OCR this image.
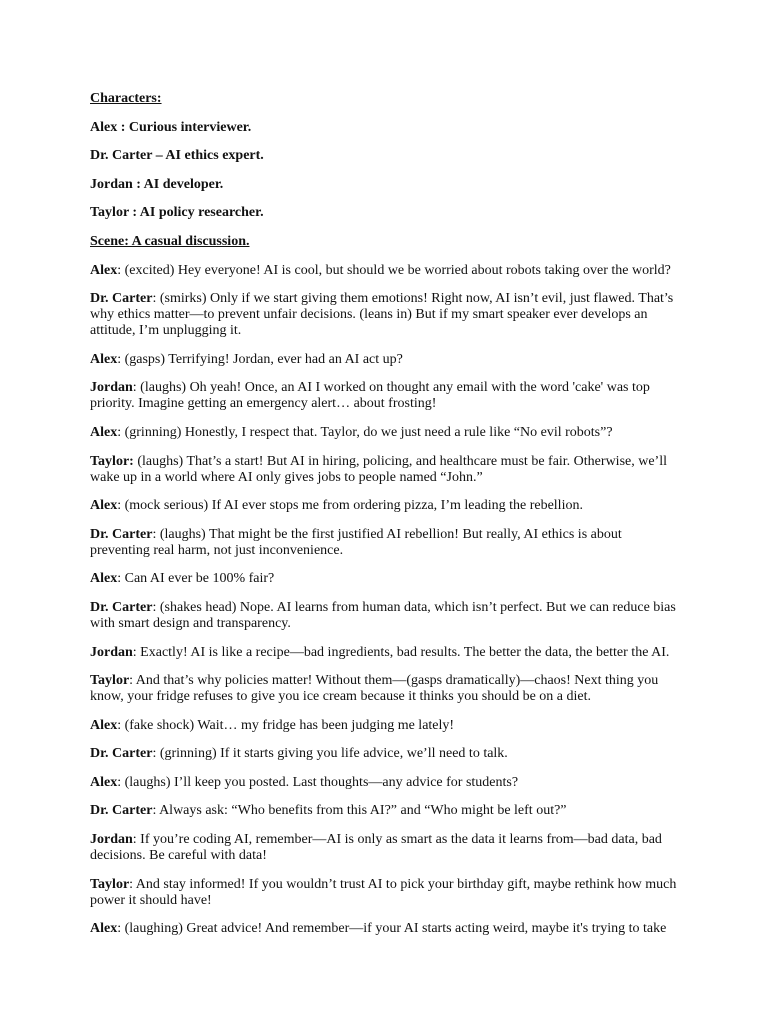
Characters:

Alex : Curious interviewer.

Dr. Carter – AI ethics expert.

Jordan : AI developer.

Taylor : AI policy researcher.

Scene: A casual discussion.

Alex: (excited) Hey everyone! AI is cool, but should we be worried about robots taking over the world?

Dr. Carter: (smirks) Only if we start giving them emotions! Right now, AI isn’t evil, just flawed. That’s why ethics matter—to prevent unfair decisions. (leans in) But if my smart speaker ever develops an attitude, I’m unplugging it.

Alex: (gasps) Terrifying! Jordan, ever had an AI act up?

Jordan: (laughs) Oh yeah! Once, an AI I worked on thought any email with the word 'cake' was top priority. Imagine getting an emergency alert… about frosting!

Alex: (grinning) Honestly, I respect that. Taylor, do we just need a rule like “No evil robots”?

Taylor: (laughs) That’s a start! But AI in hiring, policing, and healthcare must be fair. Otherwise, we’ll wake up in a world where AI only gives jobs to people named “John.”

Alex: (mock serious) If AI ever stops me from ordering pizza, I’m leading the rebellion.

Dr. Carter: (laughs) That might be the first justified AI rebellion! But really, AI ethics is about preventing real harm, not just inconvenience.

Alex: Can AI ever be 100% fair?

Dr. Carter: (shakes head) Nope. AI learns from human data, which isn’t perfect. But we can reduce bias with smart design and transparency.

Jordan: Exactly! AI is like a recipe—bad ingredients, bad results. The better the data, the better the AI.

Taylor: And that’s why policies matter! Without them—(gasps dramatically)—chaos! Next thing you know, your fridge refuses to give you ice cream because it thinks you should be on a diet.

Alex: (fake shock) Wait… my fridge has been judging me lately!

Dr. Carter: (grinning) If it starts giving you life advice, we’ll need to talk.

Alex: (laughs) I’ll keep you posted. Last thoughts—any advice for students?

Dr. Carter: Always ask: “Who benefits from this AI?” and “Who might be left out?”

Jordan: If you’re coding AI, remember—AI is only as smart as the data it learns from—bad data, bad decisions. Be careful with data!

Taylor: And stay informed! If you wouldn’t trust AI to pick your birthday gift, maybe rethink how much power it should have!

Alex: (laughing) Great advice! And remember—if your AI starts acting weird, maybe it's trying to take
